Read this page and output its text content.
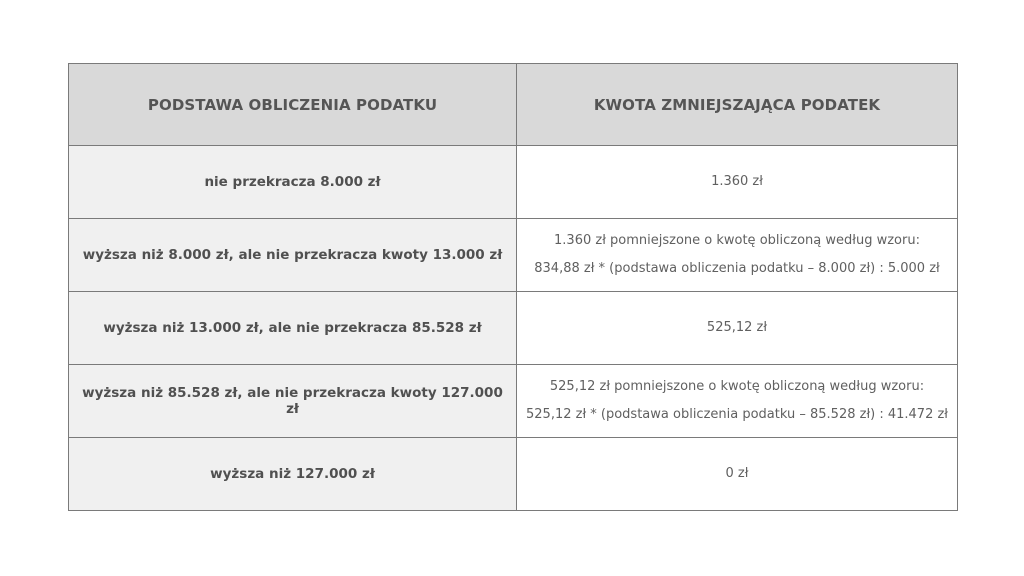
PODSTAWA OBLICZENIA PODATKU	KWOTA ZMNIEJSZAJĄCA PODATEK
nie przekracza 8.000 zł	1.360 zł

wyższa niż 8.000 zł, ale nie przekracza kwoty 13.000 zł	1.360 zł pomniejszone o kwotę obliczoną według wzoru:
834,88 zł * (podstawa obliczenia podatku – 8.000 zł) : 5.000 zł

wyższa niż 13.000 zł, ale nie przekracza 85.528 zł	525,12 zł

wyższa niż 85.528 zł, ale nie przekracza kwoty 127.000 zł	525,12 zł pomniejszone o kwotę obliczoną według wzoru:
525,12 zł * (podstawa obliczenia podatku – 85.528 zł) : 41.472 zł

wyższa niż 127.000 zł	0 zł
